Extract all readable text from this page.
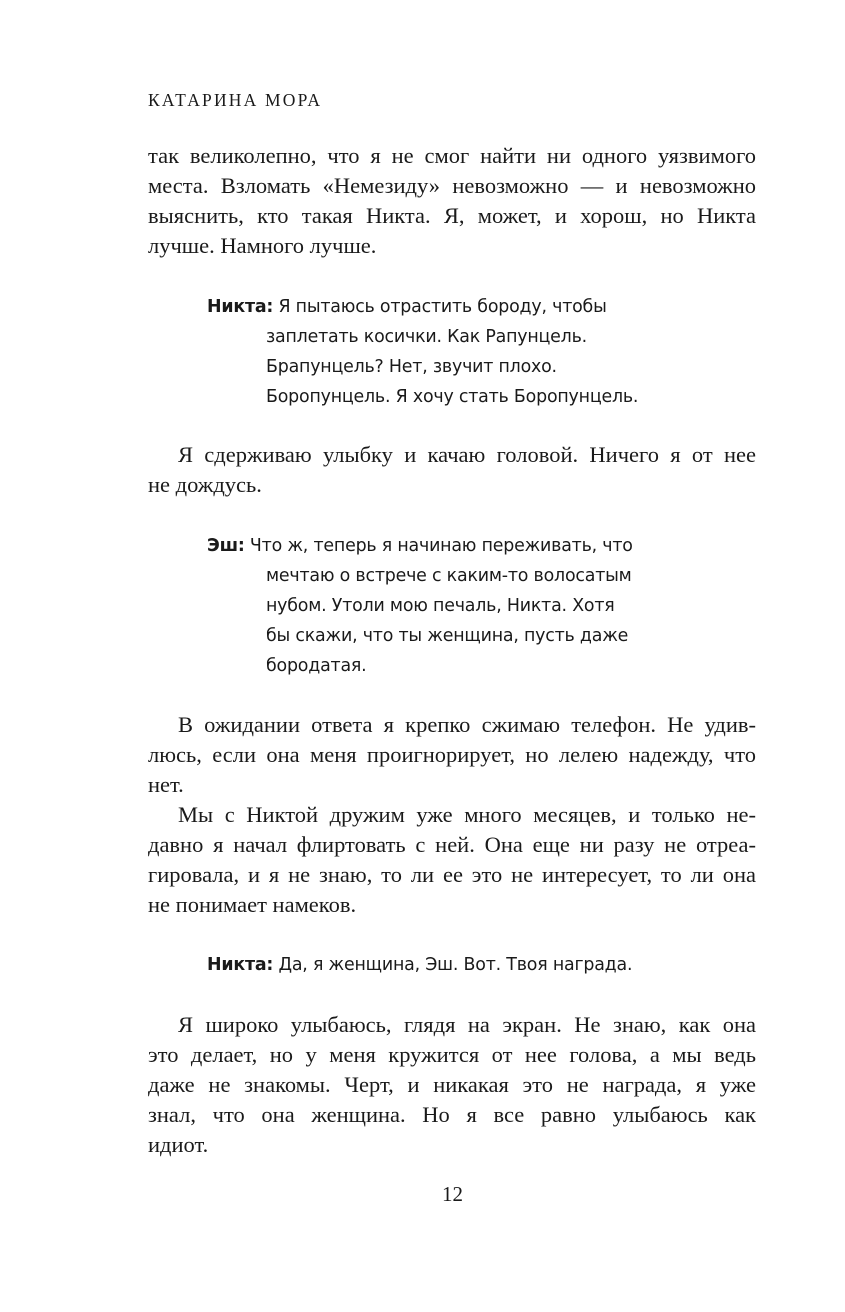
КАТАРИНА МОРА

так великолепно, что я не смог найти ни одного уязвимого

места. Взломать «Немезиду» невозможно — и невозможно

выяснить, кто такая Никта. Я, может, и хорош, но Никта

лучше. Намного лучше.

Никта: Я пытаюсь отрастить бороду, чтобы
заплетать косички. Как Рапунцель.
Брапунцель? Нет, звучит плохо.
Боропунцель. Я хочу стать Боропунцель.

Я сдерживаю улыбку и качаю головой. Ничего я от нее

не дождусь.

Эш: Что ж, теперь я начинаю переживать, что
мечтаю о встрече с каким-то волосатым
нубом. Утоли мою печаль, Никта. Хотя
бы скажи, что ты женщина, пусть даже
бородатая.

В ожидании ответа я крепко сжимаю телефон. Не удив-

люсь, если она меня проигнорирует, но лелею надежду, что

нет.

Мы с Никтой дружим уже много месяцев, и только не-

давно я начал флиртовать с ней. Она еще ни разу не отреа-

гировала, и я не знаю, то ли ее это не интересует, то ли она

не понимает намеков.

Никта: Да, я женщина, Эш. Вот. Твоя награда.

Я широко улыбаюсь, глядя на экран. Не знаю, как она

это делает, но у меня кружится от нее голова, а мы ведь

даже не знакомы. Черт, и никакая это не награда, я уже

знал, что она женщина. Но я все равно улыбаюсь как

идиот.

12
